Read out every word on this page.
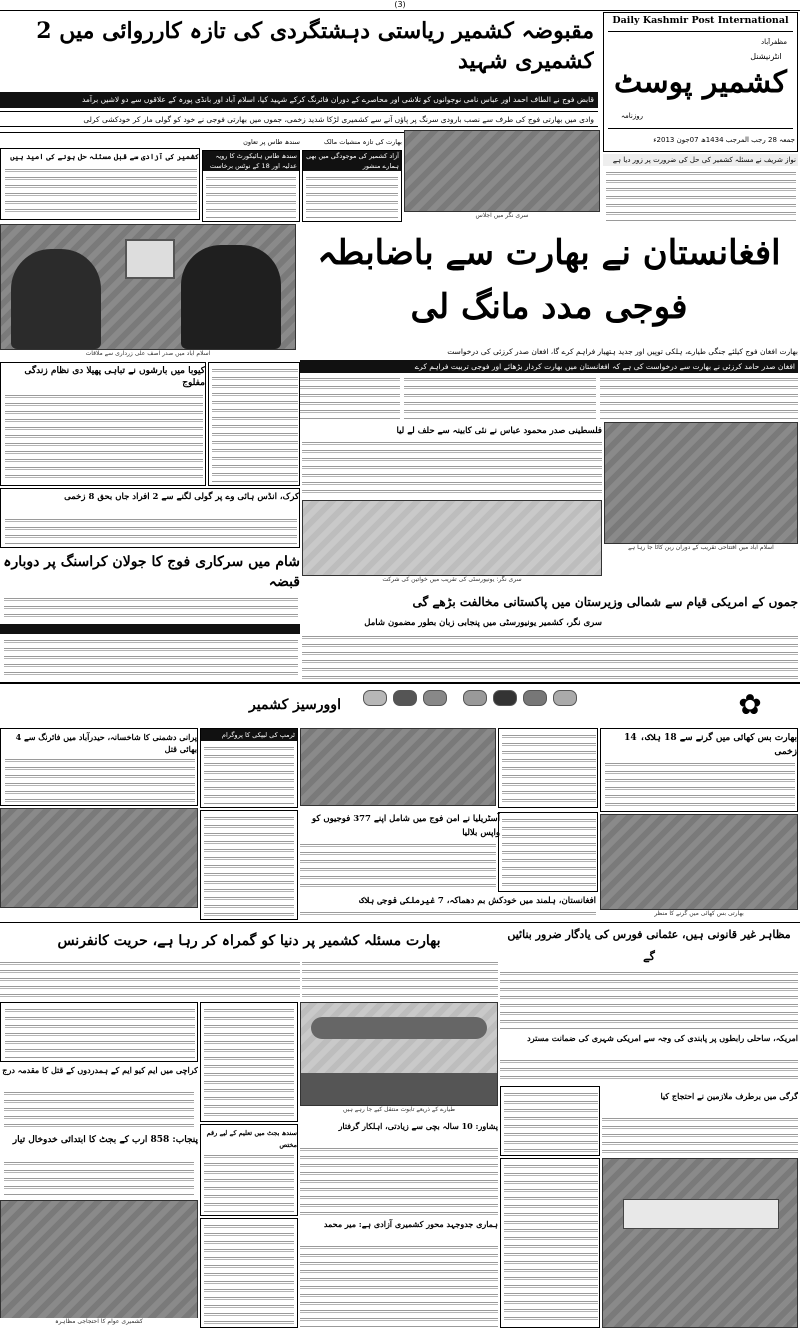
(3)
مقبوضہ کشمیر ریاستی دہشتگردی کی تازہ کارروائی میں 2 کشمیری شہید
قابض فوج نے الطاف احمد اور عباس نامی نوجوانوں کو تلاشی اور محاصرے کے دوران فائرنگ کرکے شہید کیا، اسلام آباد اور بانڈی پورہ کے علاقوں سے دو لاشیں برآمد
وادی میں بھارتی فوج کی طرف سے نصب بارودی سرنگ پر پاؤں آنے سے کشمیری لڑکا شدید زخمی، جموں میں بھارتی فوجی نے خود کو گولی مار کر خودکشی کرلی
Daily Kashmir Post International
مظفرآباد
انٹرنیشنل
کشمیر پوسٹ
روزنامہ
جمعہ 28 رجب المرجب 1434ھ 07جون 2013ء
کشمیر کی آزادی سے قبل مسئلہ حل ہونے کی امید ہیں	سندھ طاس ہائیکورٹ کا رویہ عدلیہ اور 18 کے نوٹس برخاست
آزاد کشمیر کی موجودگی میں بھی ہمارے منشور
سری نگر میں اجلاس
نواز شریف نے مسئلہ کشمیر کی حل کی ضرورت پر زور دیا ہے
اسلام آباد میں صدر آصف علی زرداری سے ملاقات
افغانستان نے بھارت سے باضابطہ فوجی مدد مانگ لی
بھارت افغان فوج کیلئے جنگی طیارے، ہلکی توپیں اور جدید ہتھیار فراہم کرے گا، افغان صدر کرزئی کی درخواست
افغان صدر حامد کرزئی نے بھارت سے درخواست کی ہے کہ افغانستان میں بھارت کردار بڑھائے اور فوجی تربیت فراہم کرے
کیوبا میں بارشوں نے تباہی پھیلا دی نظام زندگی مفلوج
فلسطینی صدر محمود عباس نے نئی کابینہ سے حلف لے لیا
اسلام آباد میں افتتاحی تقریب کے دوران ربن کاٹا جا رہا ہے
کرک، انڈس ہائی وے پر گولی لگنے سے 2 افراد جاں بحق 8 زخمی
سری نگر: یونیورسٹی کی تقریب میں خواتین کی شرکت
شام میں سرکاری فوج کا جولان کراسنگ پر دوبارہ قبضہ
جموں کے امریکی قیام سے شمالی وزیرستان میں پاکستانی مخالفت بڑھے گی
سری نگر، کشمیر یونیورسٹی میں پنجابی زبان بطور مضمون شامل
اوورسیز کشمیر	✿
پرانی دشمنی کا شاخسانہ، حیدرآباد میں فائرنگ سے 4 بھائی قتل
ٹرمپ کی لیپکی کا پروگرام	بھارت بس کھائی میں گرنے سے 18 ہلاک، 14 زخمی
آسٹریلیا نے امن فوج میں شامل اپنے 377 فوجیوں کو واپس بلالیا
بھارتی بس کھائی میں گرنے کا منظر
افغانستان، ہلمند میں خودکش بم دھماکہ، 7 غیرملکی فوجی ہلاک
بھارت مسئلہ کشمیر پر دنیا کو گمراہ کر رہا ہے، حریت کانفرنس	مظاہر غیر قانونی ہیں، عثمانی فورس کی یادگار ضرور بنائیں گے
طیارے کے ذریعے تابوت منتقل کیے جا رہے ہیں
امریکہ، ساحلی رابطوں پر پابندی کی وجہ سے امریکی شہری کی ضمانت مسترد
کراچی میں ایم کیو ایم کے ہمدردوں کے قتل کا مقدمہ درج
گرگی میں برطرف ملازمین نے احتجاج کیا
پشاور: 10 سالہ بچی سے زیادتی، اہلکار گرفتار
پنجاب: 858 ارب کے بجٹ کا ابتدائی خدوخال تیار
سندھ بجٹ میں تعلیم کے لیے رقم مختص
کشمیری عوام کا احتجاجی مظاہرہ
ہماری جدوجہد محور کشمیری آزادی ہے: میر محمد
سندھ طاس پر تعاون	بھارت کی تازہ منشیات مالک
